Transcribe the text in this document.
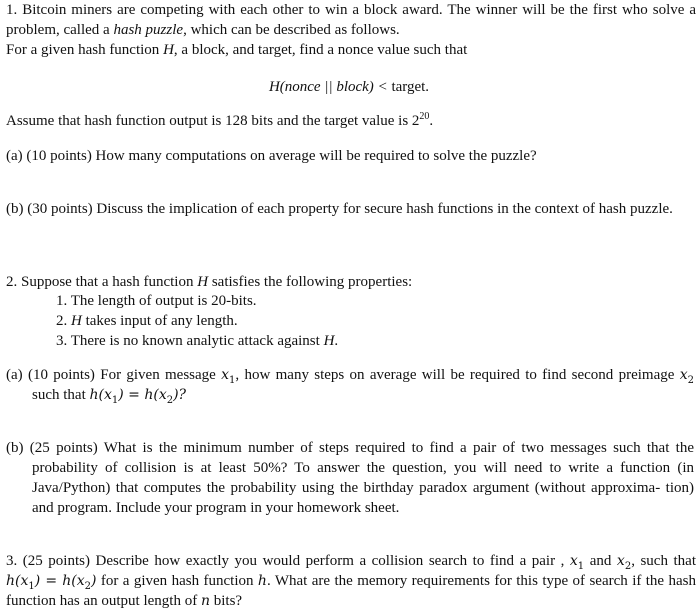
1. Bitcoin miners are competing with each other to win a block award. The winner will be the first who solve a problem, called a hash puzzle, which can be described as follows.
For a given hash function H, a block, and target, find a nonce value such that
H(nonce || block) < target.
Assume that hash function output is 128 bits and the target value is $2^{20}$.
(a) (10 points) How many computations on average will be required to solve the puzzle?
(b) (30 points) Discuss the implication of each property for secure hash functions in the context of hash puzzle.
2. Suppose that a hash function H satisfies the following properties:
1. The length of output is 20-bits.
2. H takes input of any length.
3. There is no known analytic attack against H.
(a) (10 points) For given message $x_1$, how many steps on average will be required to find second preimage $x_2$ such that $h(x_1) = h(x_2)$?
(b) (25 points) What is the minimum number of steps required to find a pair of two messages such that the probability of collision is at least 50%? To answer the question, you will need to write a function (in Java/Python) that computes the probability using the birthday paradox argument (without approxima- tion) and program. Include your program in your homework sheet.
3. (25 points) Describe how exactly you would perform a collision search to find a pair , $x_1$ and $x_2$, such that $h(x_1) = h(x_2)$ for a given hash function h. What are the memory requirements for this type of search if the hash function has an output length of n bits?
